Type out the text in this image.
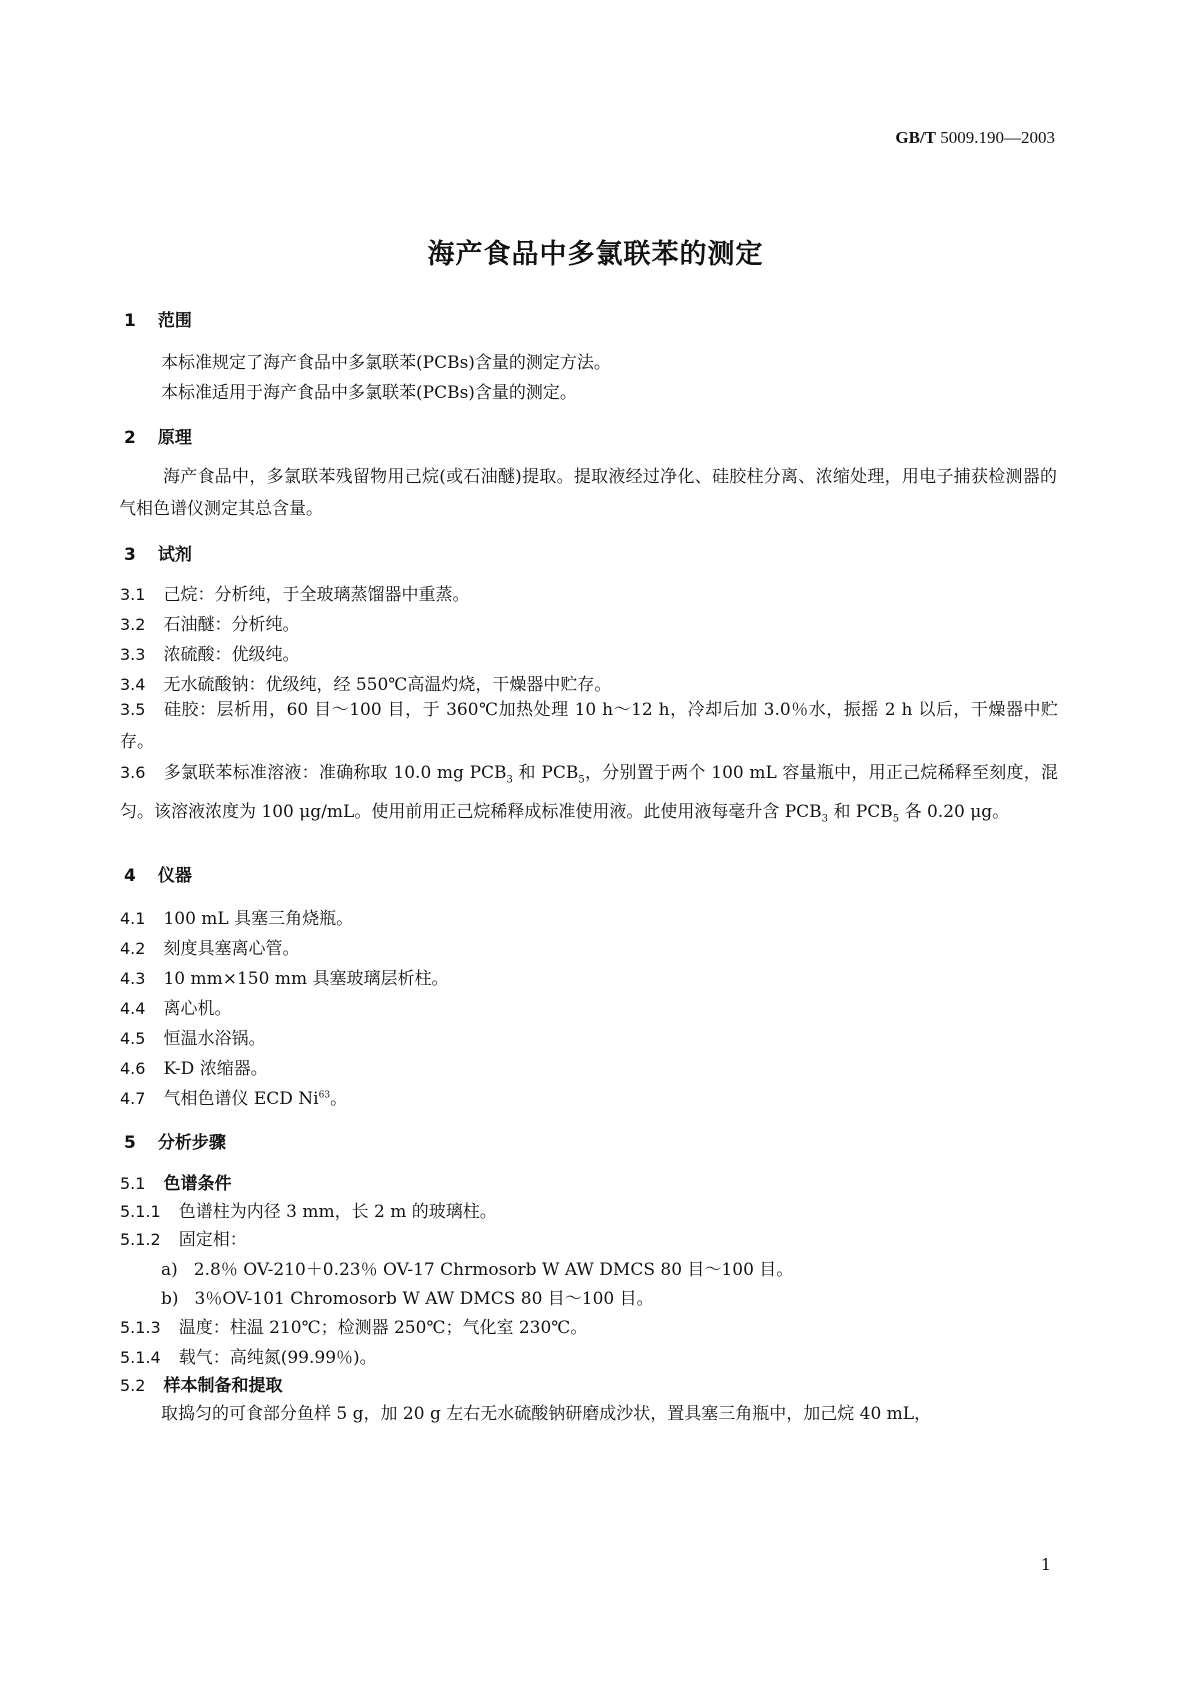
GB/T 5009.190—2003
海产食品中多氯联苯的测定
1 范围
本标准规定了海产食品中多氯联苯(PCBs)含量的测定方法。
本标准适用于海产食品中多氯联苯(PCBs)含量的测定。
2 原理
海产食品中，多氯联苯残留物用己烷(或石油醚)提取。提取液经过净化、硅胶柱分离、浓缩处理，用电子捕获检测器的气相色谱仪测定其总含量。
3 试剂
3.1 己烷：分析纯，于全玻璃蒸馏器中重蒸。
3.2 石油醚：分析纯。
3.3 浓硫酸：优级纯。
3.4 无水硫酸钠：优级纯，经 550℃高温灼烧，干燥器中贮存。
3.5 硅胶：层析用，60 目～100 目，于 360℃加热处理 10 h～12 h，冷却后加 3.0％水，振摇 2 h 以后，干燥器中贮存。
3.6 多氯联苯标准溶液：准确称取 10.0 mg $PCB_3$ 和 $PCB_5$，分别置于两个 100 mL 容量瓶中，用正己烷稀释至刻度，混匀。该溶液浓度为 100 μg/mL。使用前用正己烷稀释成标准使用液。此使用液每毫升含 $PCB_3$ 和 $PCB_5$ 各 0.20 μg。
4 仪器
4.1 100 mL 具塞三角烧瓶。
4.2 刻度具塞离心管。
4.3 10 mm×150 mm 具塞玻璃层析柱。
4.4 离心机。
4.5 恒温水浴锅。
4.6 K-D 浓缩器。
4.7 气相色谱仪 ECD Ni$^{63}$。
5 分析步骤
5.1 色谱条件
5.1.1 色谱柱为内径 3 mm，长 2 m 的玻璃柱。
5.1.2 固定相：
a) 2.8％ OV-210＋0.23％ OV-17 Chrmosorb W AW DMCS 80 目～100 目。
b) 3％OV-101 Chromosorb W AW DMCS 80 目～100 目。
5.1.3 温度：柱温 210℃；检测器 250℃；气化室 230℃。
5.1.4 载气：高纯氮(99.99％)。
5.2 样本制备和提取
取捣匀的可食部分鱼样 5 g，加 20 g 左右无水硫酸钠研磨成沙状，置具塞三角瓶中，加己烷 40 mL，
1
